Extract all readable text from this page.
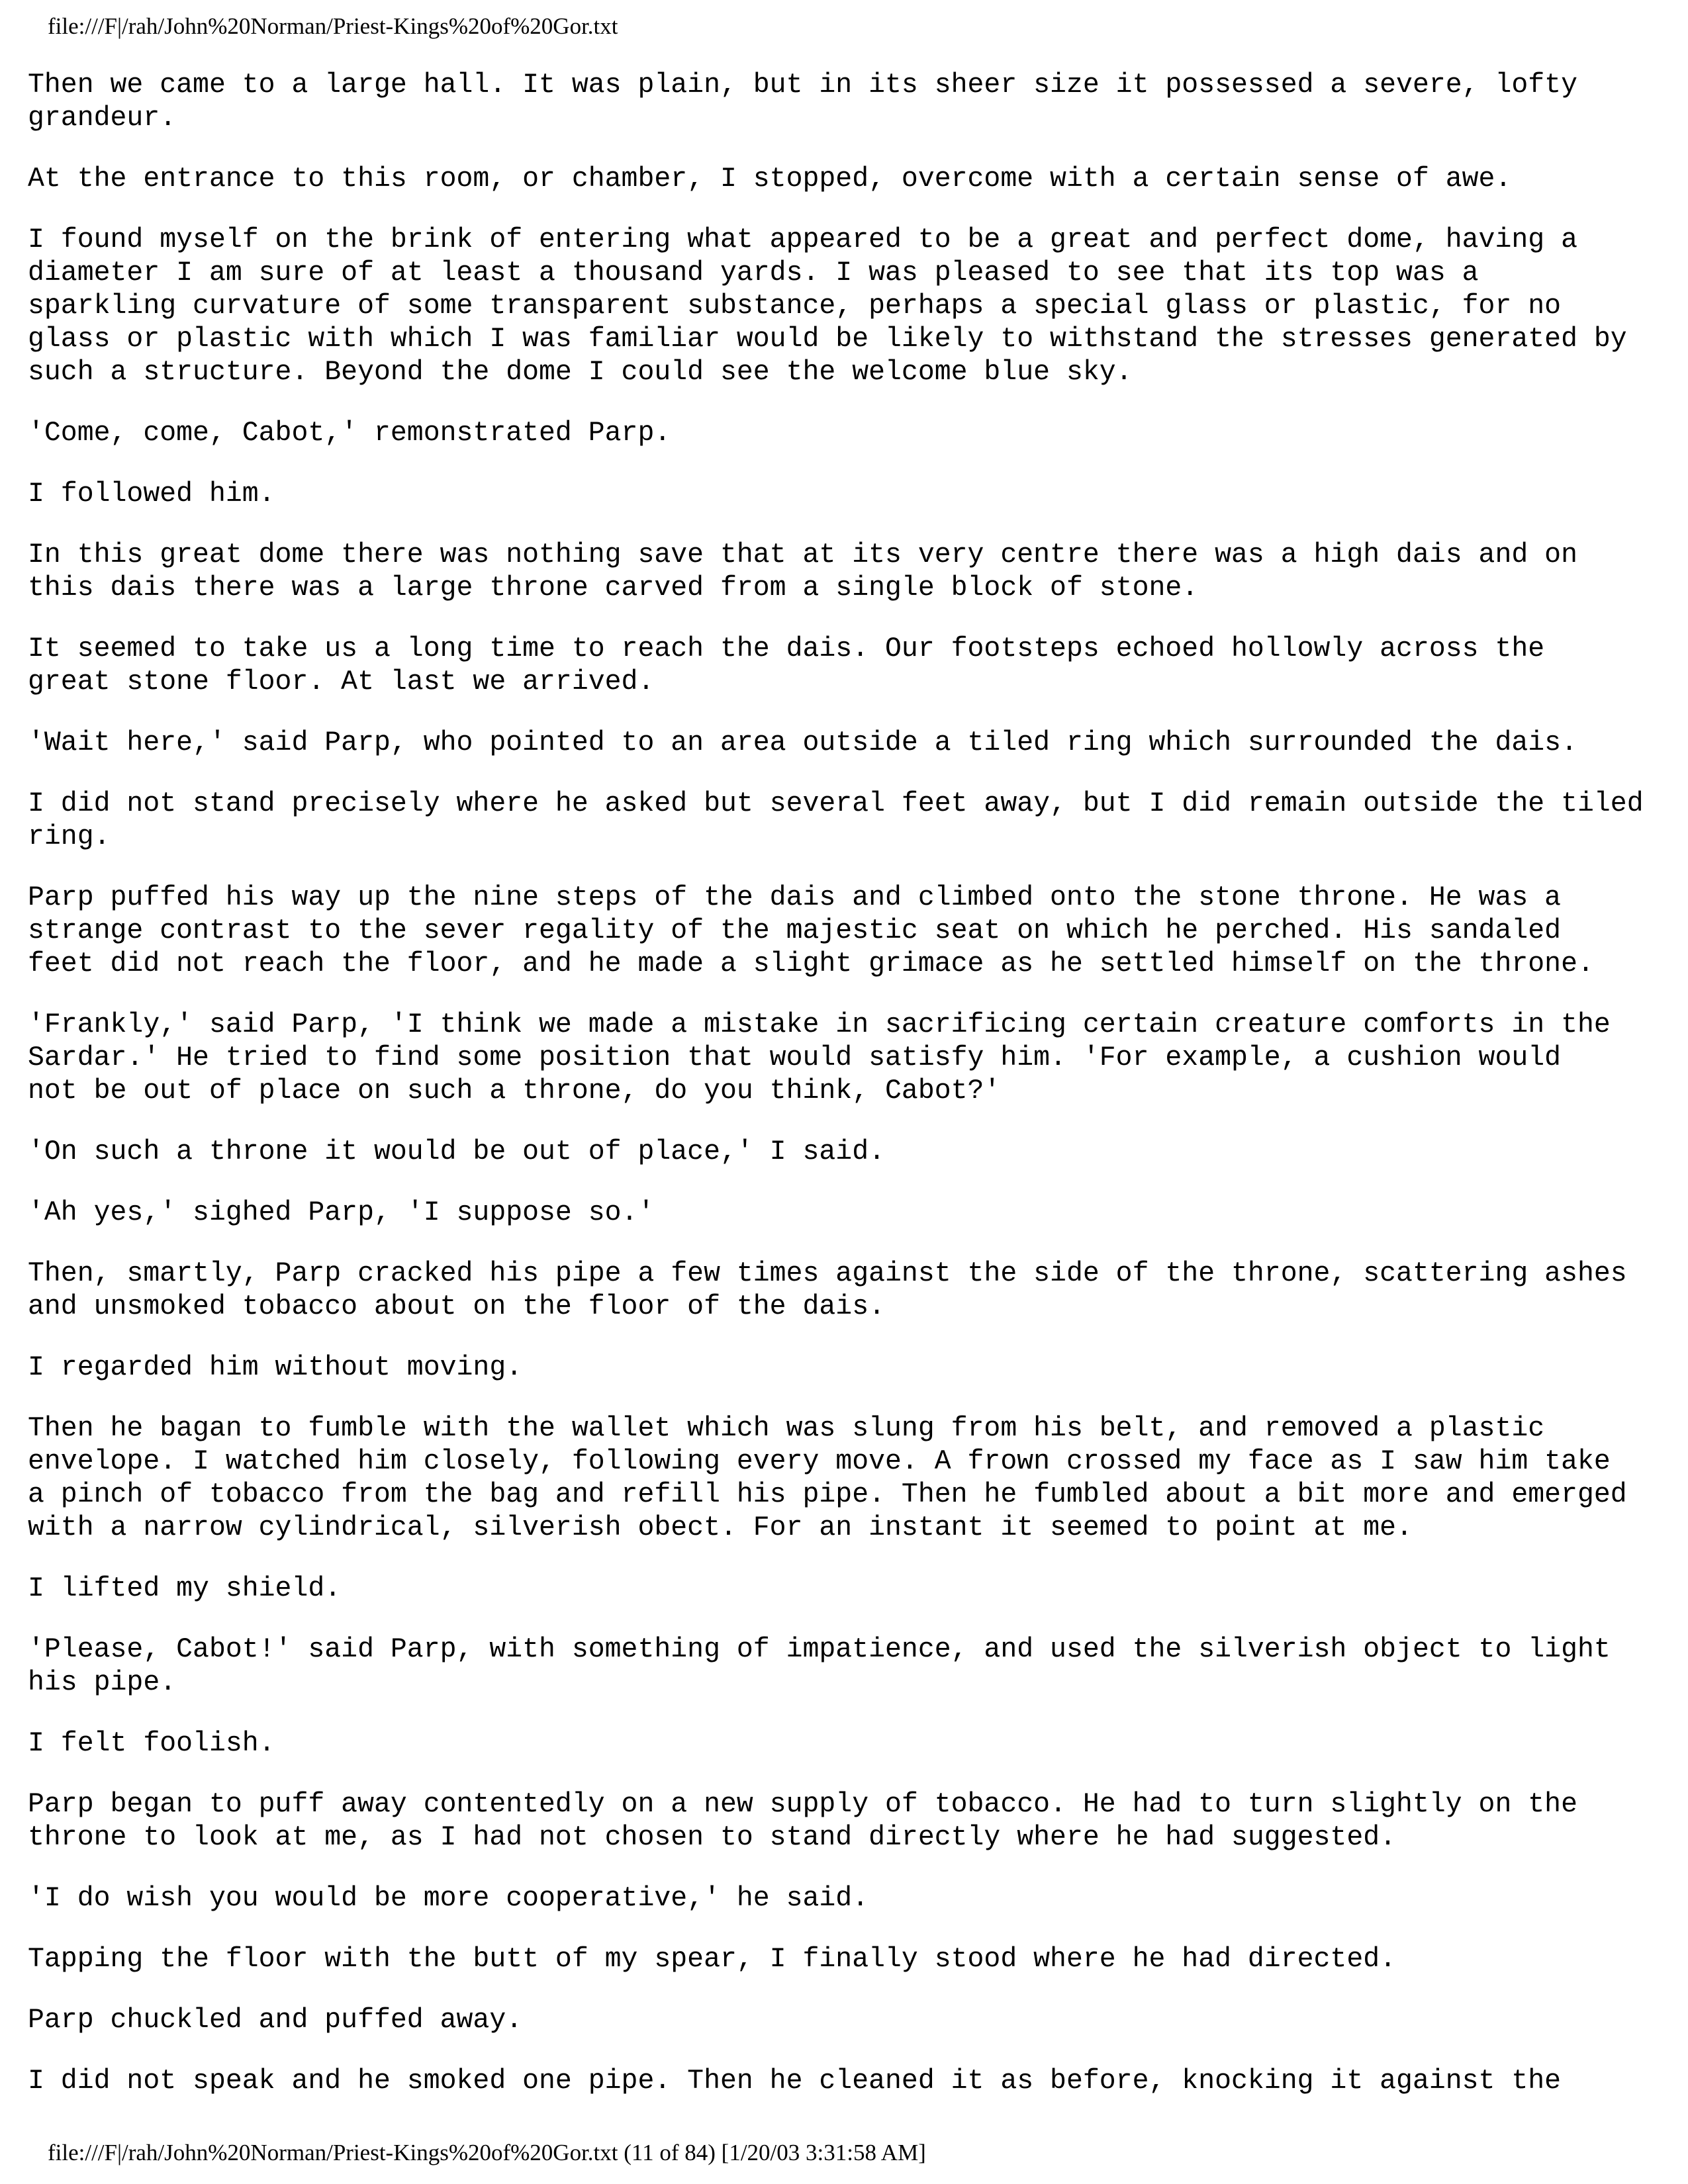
file:///F|/rah/John%20Norman/Priest-Kings%20of%20Gor.txt

Then we came to a large hall. It was plain, but in its sheer size it possessed a severe, lofty
grandeur.

At the entrance to this room, or chamber, I stopped, overcome with a certain sense of awe.

I found myself on the brink of entering what appeared to be a great and perfect dome, having a
diameter I am sure of at least a thousand yards. I was pleased to see that its top was a
sparkling curvature of some transparent substance, perhaps a special glass or plastic, for no
glass or plastic with which I was familiar would be likely to withstand the stresses generated by
such a structure. Beyond the dome I could see the welcome blue sky.

'Come, come, Cabot,' remonstrated Parp.

I followed him.

In this great dome there was nothing save that at its very centre there was a high dais and on
this dais there was a large throne carved from a single block of stone.

It seemed to take us a long time to reach the dais. Our footsteps echoed hollowly across the
great stone floor. At last we arrived.

'Wait here,' said Parp, who pointed to an area outside a tiled ring which surrounded the dais.

I did not stand precisely where he asked but several feet away, but I did remain outside the tiled
ring.

Parp puffed his way up the nine steps of the dais and climbed onto the stone throne. He was a
strange contrast to the sever regality of the majestic seat on which he perched. His sandaled
feet did not reach the floor, and he made a slight grimace as he settled himself on the throne.

'Frankly,' said Parp, 'I think we made a mistake in sacrificing certain creature comforts in the
Sardar.' He tried to find some position that would satisfy him. 'For example, a cushion would
not be out of place on such a throne, do you think, Cabot?'

'On such a throne it would be out of place,' I said.

'Ah yes,' sighed Parp, 'I suppose so.'

Then, smartly, Parp cracked his pipe a few times against the side of the throne, scattering ashes
and unsmoked tobacco about on the floor of the dais.

I regarded him without moving.

Then he bagan to fumble with the wallet which was slung from his belt, and removed a plastic
envelope. I watched him closely, following every move. A frown crossed my face as I saw him take
a pinch of tobacco from the bag and refill his pipe. Then he fumbled about a bit more and emerged
with a narrow cylindrical, silverish obect. For an instant it seemed to point at me.

I lifted my shield.

'Please, Cabot!' said Parp, with something of impatience, and used the silverish object to light
his pipe.

I felt foolish.

Parp began to puff away contentedly on a new supply of tobacco. He had to turn slightly on the
throne to look at me, as I had not chosen to stand directly where he had suggested.

'I do wish you would be more cooperative,' he said.

Tapping the floor with the butt of my spear, I finally stood where he had directed.

Parp chuckled and puffed away.

I did not speak and he smoked one pipe. Then he cleaned it as before, knocking it against the

file:///F|/rah/John%20Norman/Priest-Kings%20of%20Gor.txt (11 of 84) [1/20/03 3:31:58 AM]
